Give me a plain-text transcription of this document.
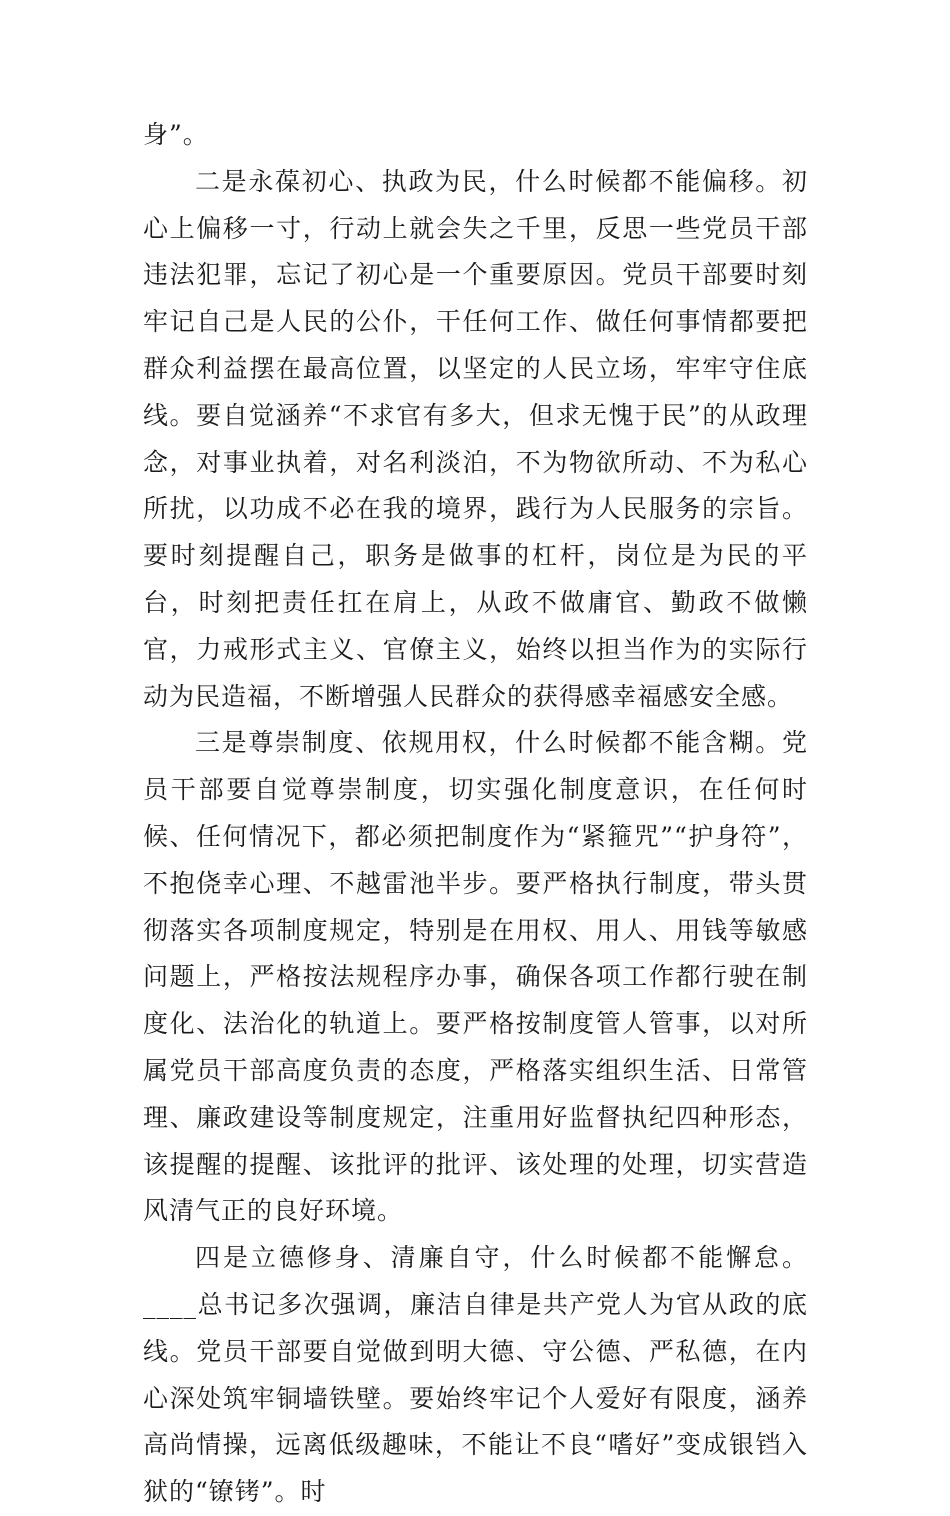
身”。

二是永葆初心、执政为民，什么时候都不能偏移。初心上偏移一寸，行动上就会失之千里，反思一些党员干部违法犯罪，忘记了初心是一个重要原因。党员干部要时刻牢记自己是人民的公仆，干任何工作、做任何事情都要把群众利益摆在最高位置，以坚定的人民立场，牢牢守住底线。要自觉涵养“不求官有多大，但求无愧于民”的从政理念，对事业执着，对名利淡泊，不为物欲所动、不为私心所扰，以功成不必在我的境界，践行为人民服务的宗旨。要时刻提醒自己，职务是做事的杠杆，岗位是为民的平台，时刻把责任扛在肩上，从政不做庸官、勤政不做懒官，力戒形式主义、官僚主义，始终以担当作为的实际行动为民造福，不断增强人民群众的获得感幸福感安全感。

三是尊崇制度、依规用权，什么时候都不能含糊。党员干部要自觉尊崇制度，切实强化制度意识，在任何时候、任何情况下，都必须把制度作为“紧箍咒”“护身符”，不抱侥幸心理、不越雷池半步。要严格执行制度，带头贯彻落实各项制度规定，特别是在用权、用人、用钱等敏感问题上，严格按法规程序办事，确保各项工作都行驶在制度化、法治化的轨道上。要严格按制度管人管事，以对所属党员干部高度负责的态度，严格落实组织生活、日常管理、廉政建设等制度规定，注重用好监督执纪四种形态，该提醒的提醒、该批评的批评、该处理的处理，切实营造风清气正的良好环境。

四是立德修身、清廉自守，什么时候都不能懈怠。____总书记多次强调，廉洁自律是共产党人为官从政的底线。党员干部要自觉做到明大德、守公德、严私德，在内心深处筑牢铜墙铁壁。要始终牢记个人爱好有限度，涵养高尚情操，远离低级趣味，不能让不良“嗜好”变成银铛入狱的“镣铐”。时
